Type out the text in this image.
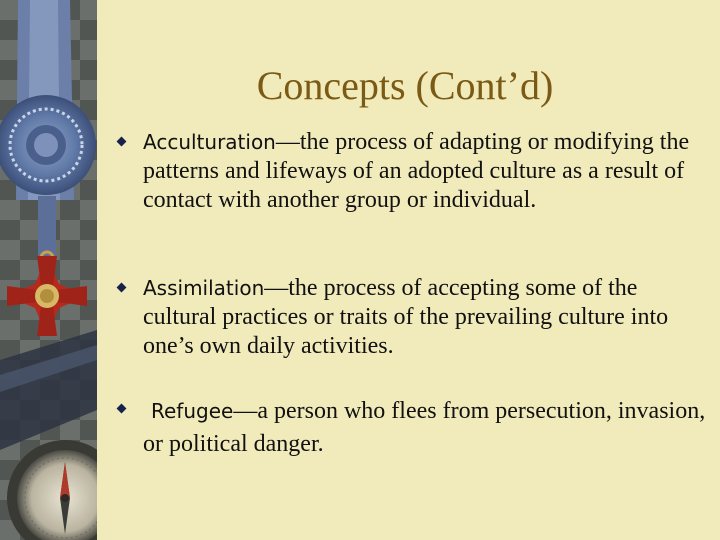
Concepts (Cont’d)
Acculturation—the process of adapting or modifying the patterns and lifeways of an adopted culture as a result of contact with another group or individual.
Assimilation—the process of accepting some of the cultural practices or traits of the prevailing culture into one’s own daily activities.
Refugee—a person who flees from persecution, invasion, or political danger.
